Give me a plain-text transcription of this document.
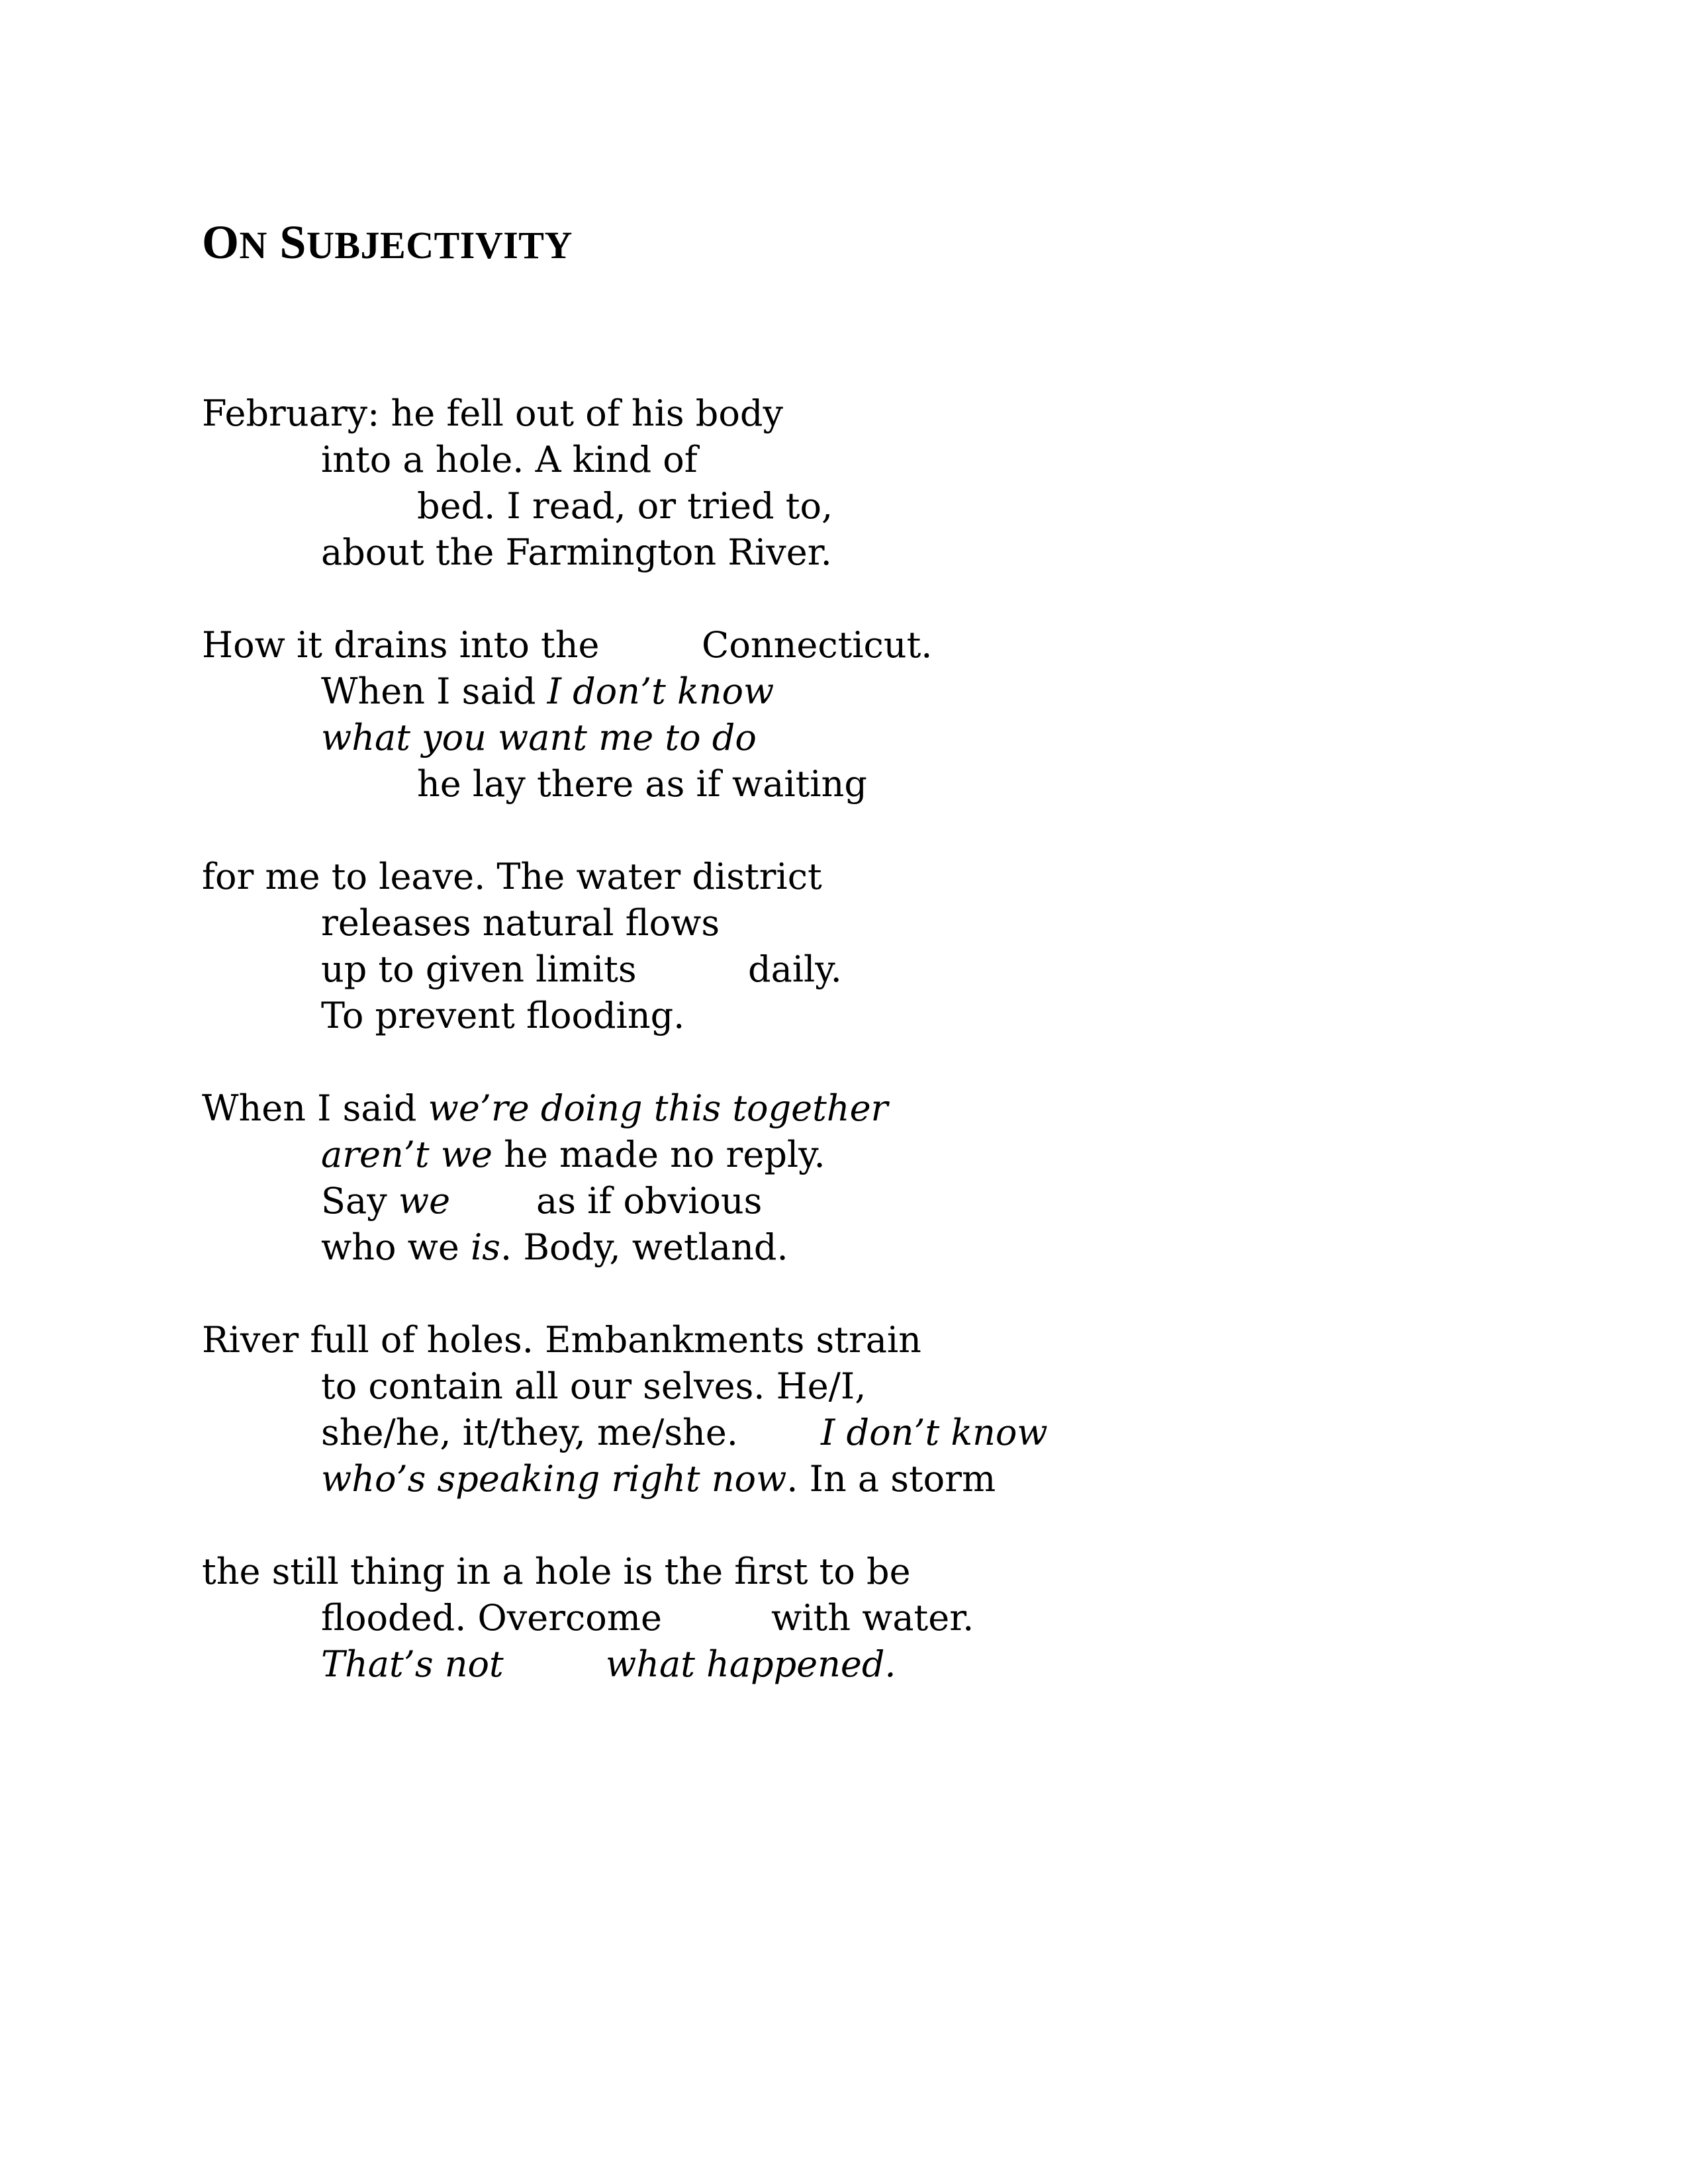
ON SUBJECTIVITY
February: he fell out of his body
into a hole. A kind of
bed. I read, or tried to,
about the Farmington River.
How it drains into the	Connecticut.
When I said I don’t know
what you want me to do
he lay there as if waiting
for me to leave. The water district
releases natural flows
up to given limits	daily.
To prevent flooding.
When I said we’re doing this together
aren’t we he made no reply.
Say we as if obvious
who we is. Body, wetland.
River full of holes. Embankments strain
to contain all our selves. He/I,
she/he, it/they, me/she. I don’t know
who’s speaking right now. In a storm
the still thing in a hole is the first to be
flooded. Overcome	with water.
That’s not	what happened.
